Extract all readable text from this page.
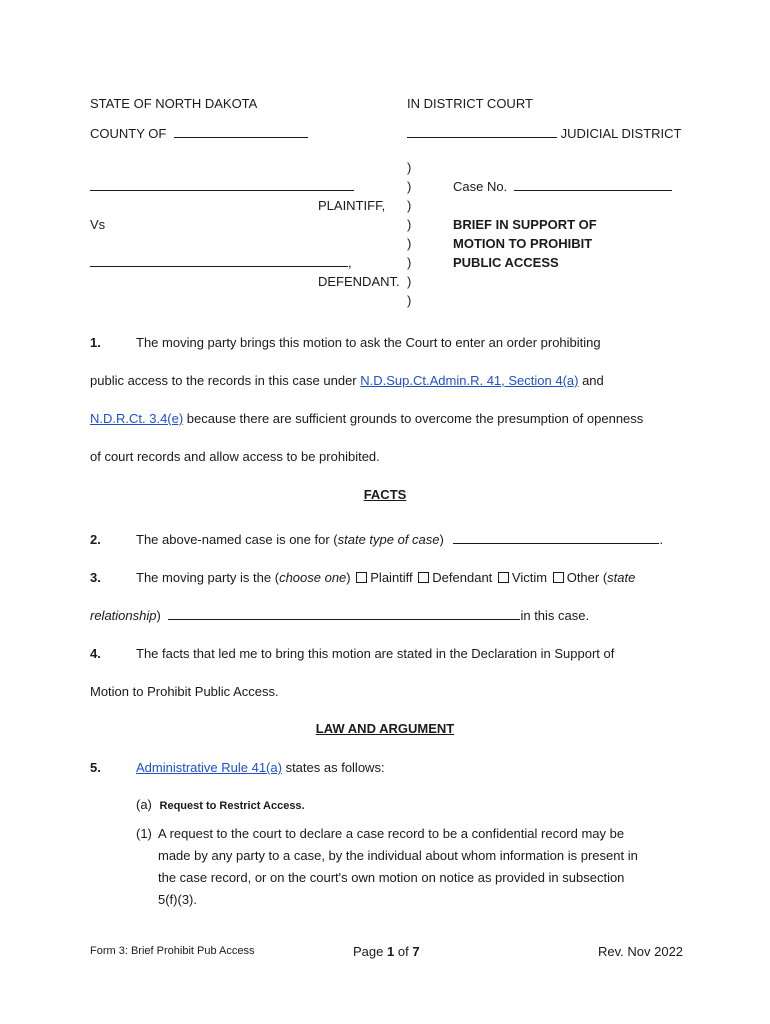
STATE OF NORTH DAKOTA	IN DISTRICT COURT
COUNTY OF	JUDICIAL DISTRICT
)
)
)
)
)
)
)
)
PLAINTIFF,
Vs
,
DEFENDANT.
Case No.
BRIEF IN SUPPORT OF
MOTION TO PROHIBIT
PUBLIC ACCESS
1.	The moving party brings this motion to ask the Court to enter an order prohibiting
public access to the records in this case under N.D.Sup.Ct.Admin.R. 41, Section 4(a) and
N.D.R.Ct. 3.4(e) because there are sufficient grounds to overcome the presumption of openness
of court records and allow access to be prohibited.
FACTS
2.	The above-named case is one for (state type of case)	.
3.	The moving party is the (choose one) Plaintiff Defendant Victim Other (state
relationship)	in this case.
4.	The facts that led me to bring this motion are stated in the Declaration in Support of
Motion to Prohibit Public Access.
LAW AND ARGUMENT
5.	Administrative Rule 41(a) states as follows:
(a) Request to Restrict Access.
(1) A request to the court to declare a case record to be a confidential record may be
made by any party to a case, by the individual about whom information is present in
the case record, or on the court's own motion on notice as provided in subsection
5(f)(3).
Form 3: Brief Prohibit Pub Access	Page 1 of 7	Rev. Nov 2022
